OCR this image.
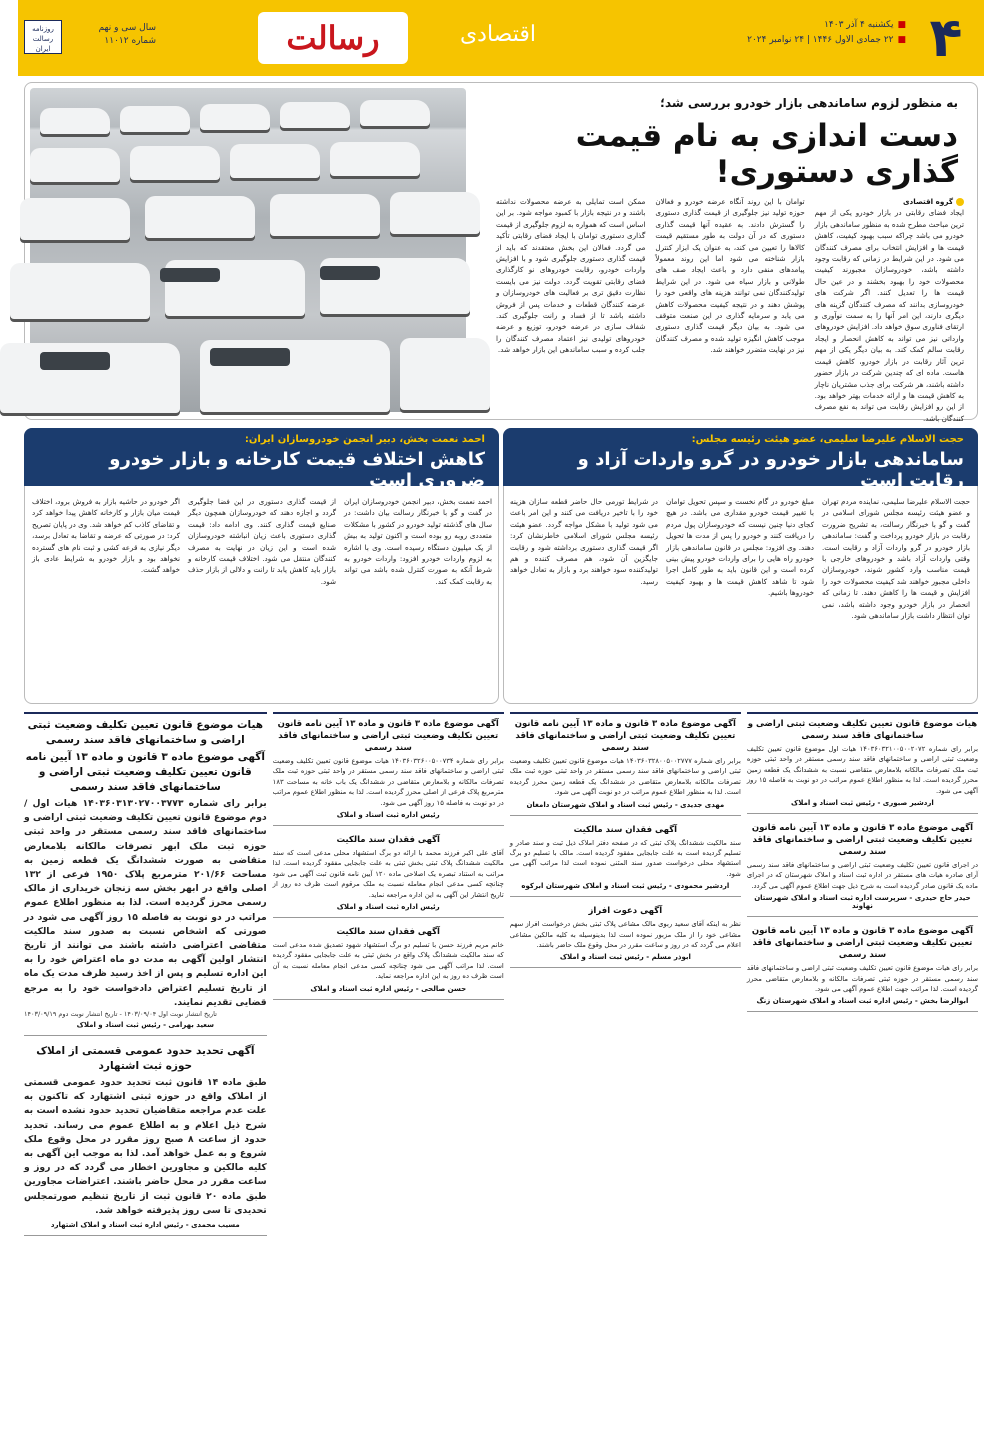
۴
■یکشنبه ۴ آذر ۱۴۰۳
■۲۲ جمادی الاول ۱۴۴۶ | ۲۴ نوامبر ۲۰۲۴
اقتصادی
رسالت
سال سی و نهم
شماره ۱۱۰۱۲
روزنامه رسالت ایران
به منظور لزوم ساماندهی بازار خودرو بررسی شد؛
دست اندازی به نام قیمت گذاری دستوری!
گروه اقتصادی
ایجاد فضای رقابتی در بازار خودرو یکی از مهم ترین مباحث مطرح شده به منظور ساماندهی بازار خودرو می باشد چراکه سبب بهبود کیفیت، کاهش قیمت ها و افزایش انتخاب برای مصرف کنندگان می شود. در این شرایط در زمانی که رقابت وجود داشته باشد، خودروسازان مجبورند کیفیت محصولات خود را بهبود بخشند و در عین حال قیمت ها را تعدیل کنند. اگر شرکت های خودروسازی بدانند که مصرف کنندگان گزینه های دیگری دارند، این امر آنها را به سمت نوآوری و ارتقای فناوری سوق خواهد داد. افزایش خودروهای وارداتی نیز می تواند به کاهش انحصار و ایجاد رقابت سالم کمک کند. به بیان دیگر یکی از مهم ترین آثار رقابت در بازار خودرو، کاهش قیمت هاست. ماده ای که چندین شرکت در بازار حضور داشته باشند، هر شرکت برای جذب مشتریان ناچار به کاهش قیمت ها و ارائه خدمات بهتر خواهد بود. از این رو افزایش رقابت می تواند به نفع مصرف کنندگان باشد.
توامان با این روند آنگاه عرضه خودرو و فعالان حوزه تولید نیز جلوگیری از قیمت گذاری دستوری را گسترش دادند. به عقیده آنها قیمت گذاری دستوری که در آن دولت به طور مستقیم قیمت کالاها را تعیین می کند، به عنوان یک ابزار کنترل بازار شناخته می شود اما این روند معمولاً پیامدهای منفی دارد و باعث ایجاد صف های طولانی و بازار سیاه می شود. در این شرایط تولیدکنندگان نمی توانند هزینه های واقعی خود را پوشش دهند و در نتیجه کیفیت محصولات کاهش می یابد و سرمایه گذاری در این صنعت متوقف می شود. به بیان دیگر قیمت گذاری دستوری موجب کاهش انگیزه تولید شده و مصرف کنندگان نیز در نهایت متضرر خواهند شد.
ممکن است تمایلی به عرضه محصولات نداشته باشند و در نتیجه بازار با کمبود مواجه شود. بر این اساس است که همواره به لزوم جلوگیری از قیمت گذاری دستوری توامان با ایجاد فضای رقابتی تأکید می گردد. فعالان این بخش معتقدند که باید از قیمت گذاری دستوری جلوگیری شود و با افزایش واردات خودرو، رقابت خودروهای نو کارگذاری فضای رقابتی تقویت گردد. دولت نیز می بایست نظارت دقیق تری بر فعالیت های خودروسازان و عرضه کنندگان قطعات و خدمات پس از فروش داشته باشد تا از فساد و رانت جلوگیری کند. شفاف سازی در عرضه خودرو، توزیع و عرضه خودروهای تولیدی نیز اعتماد مصرف کنندگان را جلب کرده و سبب ساماندهی این بازار خواهد شد.
حجت الاسلام علیرضا سلیمی، عضو هیئت رئیسه مجلس:
ساماندهی بازار خودرو در گرو واردات آزاد و رقابت است
احمد نعمت بخش، دبیر انجمن خودروسازان ایران:
کاهش اختلاف قیمت کارخانه و بازار خودرو ضروری است
حجت الاسلام علیرضا سلیمی، نماینده مردم تهران و عضو هیئت رئیسه مجلس شورای اسلامی در گفت و گو با خبرنگار رسالت، به تشریح ضرورت رقابت در بازار خودرو پرداخت و گفت: ساماندهی بازار خودرو در گرو واردات آزاد و رقابت است. وقتی واردات آزاد باشد و خودروهای خارجی با قیمت مناسب وارد کشور شوند، خودروسازان داخلی مجبور خواهند شد کیفیت محصولات خود را افزایش و قیمت ها را کاهش دهند. تا زمانی که انحصار در بازار خودرو وجود داشته باشد، نمی توان انتظار داشت بازار ساماندهی شود.
مبلغ خودرو در گام نخست و سپس تحویل توامان با تغییر قیمت خودرو مقداری می باشد. در هیچ کجای دنیا چنین نیست که خودروسازان پول مردم را دریافت کنند و خودرو را پس از مدت ها تحویل دهند. وی افزود: مجلس در قانون ساماندهی بازار خودرو راه هایی را برای واردات خودرو پیش بینی کرده است و این قانون باید به طور کامل اجرا شود تا شاهد کاهش قیمت ها و بهبود کیفیت خودروها باشیم.
در شرایط تورمی حال حاضر قطعه سازان هزینه خود را با تاخیر دریافت می کنند و این امر باعث می شود تولید با مشکل مواجه گردد. عضو هیئت رئیسه مجلس شورای اسلامی خاطرنشان کرد: اگر قیمت گذاری دستوری برداشته شود و رقابت جایگزین آن شود، هم مصرف کننده و هم تولیدکننده سود خواهند برد و بازار به تعادل خواهد رسید.
احمد نعمت بخش، دبیر انجمن خودروسازان ایران در گفت و گو با خبرنگار رسالت بیان داشت: در سال های گذشته تولید خودرو در کشور با مشکلات متعددی روبه رو بوده است و اکنون تولید به بیش از یک میلیون دستگاه رسیده است. وی با اشاره به لزوم واردات خودرو افزود: واردات خودرو به شرط آنکه به صورت کنترل شده باشد می تواند به رقابت کمک کند.
از قیمت گذاری دستوری در این فضا جلوگیری گردد و اجازه دهند که خودروسازان همچون دیگر صنایع قیمت گذاری کنند. وی ادامه داد: قیمت گذاری دستوری باعث زیان انباشته خودروسازان شده است و این زیان در نهایت به مصرف کنندگان منتقل می شود. اختلاف قیمت کارخانه و بازار باید کاهش یابد تا رانت و دلالی از بازار حذف شود.
اگر خودرو در حاشیه بازار به فروش برود، اختلاف قیمت میان بازار و کارخانه کاهش پیدا خواهد کرد و تقاضای کاذب کم خواهد شد. وی در پایان تصریح کرد: در صورتی که عرضه و تقاضا به تعادل برسد، دیگر نیازی به قرعه کشی و ثبت نام های گسترده نخواهد بود و بازار خودرو به شرایط عادی باز خواهد گشت.
هیات موضوع قانون تعیین تکلیف وضعیت ثبتی اراضی و ساختمانهای فاقد سند رسمی
برابر رای شماره ۱۴۰۳۶۰۳۲۱۰۰۵۰۰۲۰۷۲ هیات اول موضوع قانون تعیین تکلیف وضعیت ثبتی اراضی و ساختمانهای فاقد سند رسمی مستقر در واحد ثبتی حوزه ثبت ملک تصرفات مالکانه بلامعارض متقاضی نسبت به ششدانگ یک قطعه زمین محرز گردیده است. لذا به منظور اطلاع عموم مراتب در دو نوبت به فاصله ۱۵ روز آگهی می شود.
اردشیر صبوری - رئیس ثبت اسناد و املاک
آگهی موضوع ماده ۳ قانون و ماده ۱۳ آیین نامه قانون تعیین تکلیف وضعیت ثبتی اراضی و ساختمانهای فاقد سند رسمی
در اجرای قانون تعیین تکلیف وضعیت ثبتی اراضی و ساختمانهای فاقد سند رسمی آرای صادره هیات های مستقر در اداره ثبت اسناد و املاک شهرستان که در اجرای ماده یک قانون صادر گردیده است به شرح ذیل جهت اطلاع عموم آگهی می گردد.
حیدر حاج حیدری - سرپرست اداره ثبت اسناد و املاک شهرستان نهاوند
آگهی موضوع ماده ۳ قانون و ماده ۱۳ آیین نامه قانون تعیین تکلیف وضعیت ثبتی اراضی و ساختمانهای فاقد سند رسمی
برابر رای هیات موضوع قانون تعیین تکلیف وضعیت ثبتی اراضی و ساختمانهای فاقد سند رسمی مستقر در حوزه ثبتی تصرفات مالکانه و بلامعارض متقاضی محرز گردیده است. لذا مراتب جهت اطلاع عموم آگهی می شود.
ابوالرضا بخش - رئیس اداره ثبت اسناد و املاک شهرستان زنگ
آگهی موضوع ماده ۳ قانون و ماده ۱۳ آیین نامه قانون تعیین تکلیف وضعیت ثبتی اراضی و ساختمانهای فاقد سند رسمی
برابر رای شماره ۱۴۰۳۶۰۳۲۸۰۰۵۰۰۲۷۷۷ هیات موضوع قانون تعیین تکلیف وضعیت ثبتی اراضی و ساختمانهای فاقد سند رسمی مستقر در واحد ثبتی حوزه ثبت ملک تصرفات مالکانه بلامعارض متقاضی در ششدانگ یک قطعه زمین محرز گردیده است. لذا به منظور اطلاع عموم مراتب در دو نوبت آگهی می شود.
مهدی جدیدی - رئیس ثبت اسناد و املاک شهرستان دامغان
آگهی فقدان سند مالکیت
سند مالکیت ششدانگ پلاک ثبتی که در صفحه دفتر املاک ذیل ثبت و سند صادر و تسلیم گردیده است به علت جابجایی مفقود گردیده است. مالک با تسلیم دو برگ استشهاد محلی درخواست صدور سند المثنی نموده است لذا مراتب آگهی می شود.
اردشیر محمودی - رئیس ثبت اسناد و املاک شهرستان ابرکوه
آگهی دعوت افراز
نظر به اینکه آقای سعید ربوی مالک مشاعی پلاک ثبتی بخش درخواست افراز سهم مشاعی خود را از ملک مزبور نموده است لذا بدینوسیله به کلیه مالکین مشاعی اعلام می گردد که در روز و ساعت مقرر در محل وقوع ملک حاضر باشند.
ابوذر مسلم - رئیس ثبت اسناد و املاک
آگهی موضوع ماده ۳ قانون و ماده ۱۳ آیین نامه قانون تعیین تکلیف وضعیت ثبتی اراضی و ساختمانهای فاقد سند رسمی
برابر رای شماره ۱۴۰۳۶۰۳۲۶۰۰۵۰۰۷۳۴ هیات موضوع قانون تعیین تکلیف وضعیت ثبتی اراضی و ساختمانهای فاقد سند رسمی مستقر در واحد ثبتی حوزه ثبت ملک تصرفات مالکانه و بلامعارض متقاضی در ششدانگ یک باب خانه به مساحت ۱۸۳ مترمربع پلاک فرعی از اصلی محرز گردیده است. لذا به منظور اطلاع عموم مراتب در دو نوبت به فاصله ۱۵ روز آگهی می شود.
رئیس اداره ثبت اسناد و املاک
آگهی فقدان سند مالکیت
آقای علی اکبر فرزند محمد با ارائه دو برگ استشهاد محلی مدعی است که سند مالکیت ششدانگ پلاک ثبتی بخش ثبتی به علت جابجایی مفقود گردیده است. لذا مراتب به استناد تبصره یک اصلاحی ماده ۱۲۰ آیین نامه قانون ثبت آگهی می شود چنانچه کسی مدعی انجام معامله نسبت به ملک مرقوم است ظرف ده روز از تاریخ انتشار این آگهی به این اداره مراجعه نماید.
رئیس اداره ثبت اسناد و املاک
آگهی فقدان سند مالکیت
خانم مریم فرزند حسن با تسلیم دو برگ استشهاد شهود تصدیق شده مدعی است که سند مالکیت ششدانگ پلاک واقع در بخش ثبتی به علت جابجایی مفقود گردیده است. لذا مراتب آگهی می شود چنانچه کسی مدعی انجام معامله نسبت به آن است ظرف ده روز به این اداره مراجعه نماید.
حسن صالحی - رئیس اداره ثبت اسناد و املاک
هیات موضوع قانون تعیین تکلیف وضعیت ثبتی اراضی و ساختمانهای فاقد سند رسمی
آگهی موضوع ماده ۳ قانون و ماده ۱۳ آیین نامه قانون تعیین تکلیف وضعیت ثبتی اراضی و ساختمانهای فاقد سند رسمی
برابر رای شماره ۱۴۰۳۶۰۳۱۳۰۲۷۰۰۳۷۷۳ هیات اول / دوم موضوع قانون تعیین تکلیف وضعیت ثبتی اراضی و ساختمانهای فاقد سند رسمی مستقر در واحد ثبتی حوزه ثبت ملک ابهر تصرفات مالکانه بلامعارض متقاضی به صورت ششدانگ یک قطعه زمین به مساحت ۲۰۱/۶۶ مترمربع پلاک ۱۹۵۰ فرعی از ۱۳۲ اصلی واقع در ابهر بخش سه زنجان خریداری از مالک رسمی محرز گردیده است. لذا به منظور اطلاع عموم مراتب در دو نوبت به فاصله ۱۵ روز آگهی می شود در صورتی که اشخاص نسبت به صدور سند مالکیت متقاضی اعتراضی داشته باشند می توانند از تاریخ انتشار اولین آگهی به مدت دو ماه اعتراض خود را به این اداره تسلیم و پس از اخذ رسید ظرف مدت یک ماه از تاریخ تسلیم اعتراض دادخواست خود را به مرجع قضایی تقدیم نمایند.
تاریخ انتشار نوبت اول ۱۴۰۳/۰۹/۰۴ - تاریخ انتشار نوبت دوم ۱۴۰۳/۰۹/۱۹
سعید بهرامی - رئیس ثبت اسناد و املاک
آگهی تحدید حدود عمومی قسمتی از املاک حوزه ثبت اشتهارد
طبق ماده ۱۴ قانون ثبت تحدید حدود عمومی قسمتی از املاک واقع در حوزه ثبتی اشتهارد که تاکنون به علت عدم مراجعه متقاضیان تحدید حدود نشده است به شرح ذیل اعلام و به اطلاع عموم می رساند. تحدید حدود از ساعت ۸ صبح روز مقرر در محل وقوع ملک شروع و به عمل خواهد آمد. لذا به موجب این آگهی به کلیه مالکین و مجاورین اخطار می گردد که در روز و ساعت مقرر در محل حاضر باشند. اعتراضات مجاورین طبق ماده ۲۰ قانون ثبت از تاریخ تنظیم صورتمجلس تحدیدی تا سی روز پذیرفته خواهد شد.
مسیب محمدی - رئیس اداره ثبت اسناد و املاک اشتهارد
